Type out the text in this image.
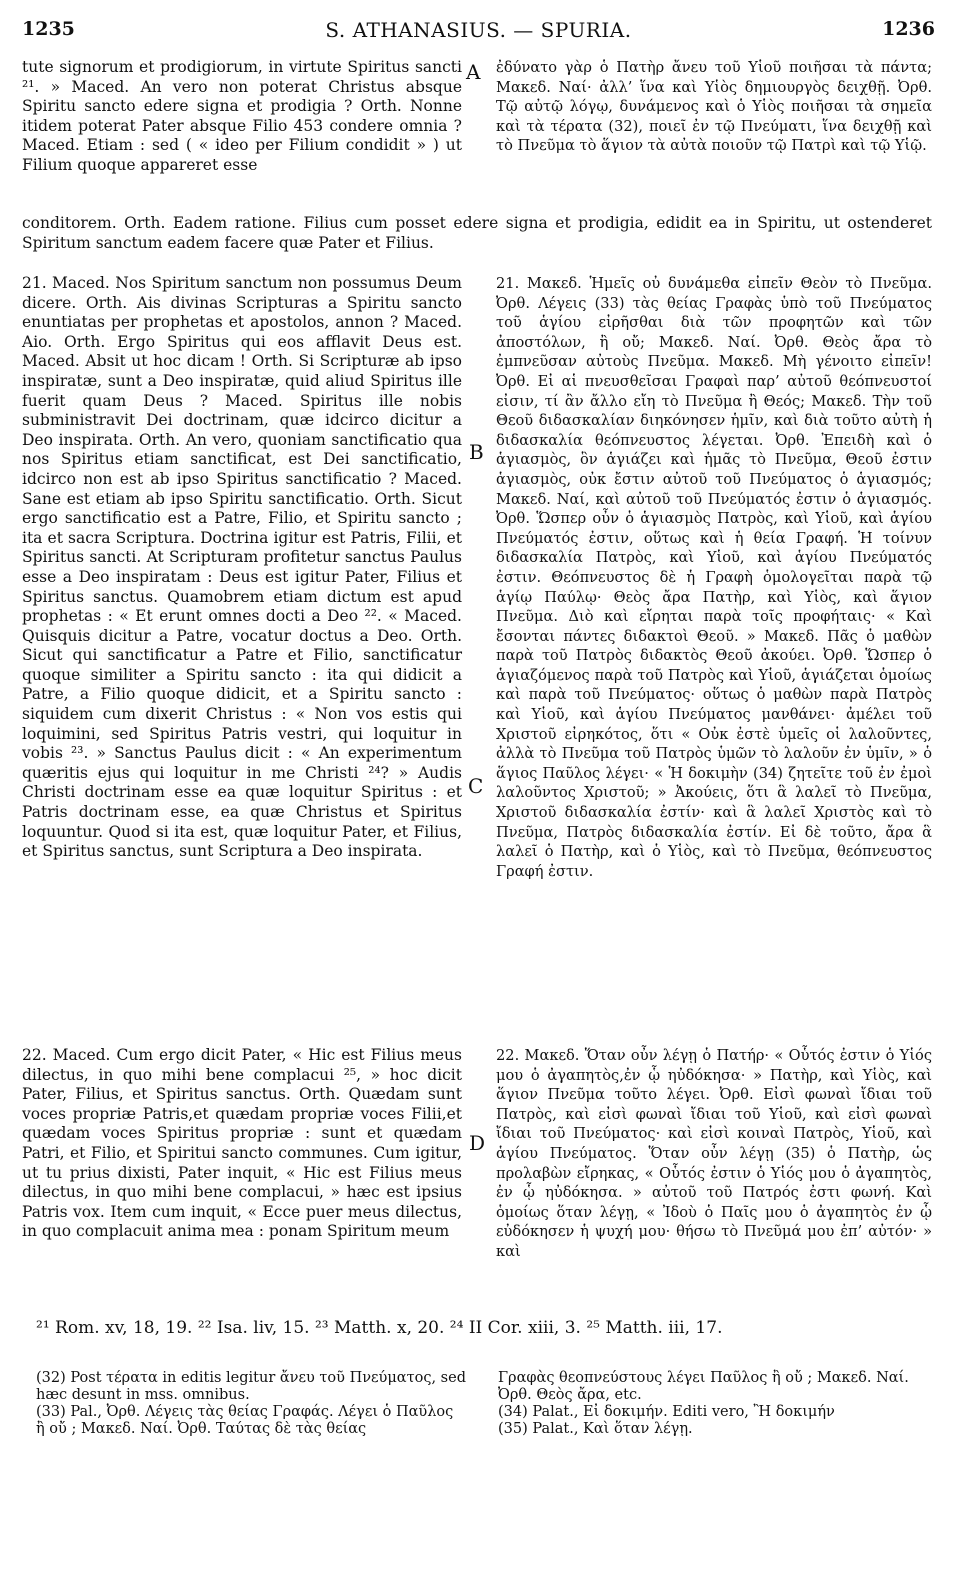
1235	S. ATHANASIUS. — SPURIA.	1236
A
B
C
D

tute signorum et prodigiorum, in virtute Spiritus sancti ²¹. » Maced. An vero non poterat Christus absque Spiritu sancto edere signa et prodigia ? Orth. Nonne itidem poterat Pater absque Filio 453 condere omnia ? Maced. Etiam : sed ( « ideo per Filium condidit » ) ut Filium quoque appareret esse

ἐδύνατο γὰρ ὁ Πατὴρ ἄνευ τοῦ Υἱοῦ ποιῆσαι τὰ πάντα; Μακεδ. Ναί· ἀλλ’ ἵνα καὶ Υἱὸς δημιουργὸς δειχθῇ. Ὀρθ. Τῷ αὐτῷ λόγῳ, δυνάμενος καὶ ὁ Υἱὸς ποιῆσαι τὰ σημεῖα καὶ τὰ τέρατα (32), ποιεῖ ἐν τῷ Πνεύματι, ἵνα δειχθῇ καὶ τὸ Πνεῦμα τὸ ἅγιον τὰ αὐτὰ ποιοῦν τῷ Πατρὶ καὶ τῷ Υἱῷ.

conditorem. Orth. Eadem ratione. Filius cum posset edere signa et prodigia, edidit ea in Spiritu, ut ostenderet Spiritum sanctum eadem facere quæ Pater et Filius.

21. Maced. Nos Spiritum sanctum non possumus Deum dicere. Orth. Ais divinas Scripturas a Spiritu sancto enuntiatas per prophetas et apostolos, annon ? Maced. Aio. Orth. Ergo Spiritus qui eos afflavit Deus est. Maced. Absit ut hoc dicam ! Orth. Si Scripturæ ab ipso inspiratæ, sunt a Deo inspiratæ, quid aliud Spiritus ille fuerit quam Deus ? Maced. Spiritus ille nobis subministravit Dei doctrinam, quæ idcirco dicitur a Deo inspirata. Orth. An vero, quoniam sanctificatio qua nos Spiritus etiam sanctificat, est Dei sanctificatio, idcirco non est ab ipso Spiritus sanctificatio ? Maced. Sane est etiam ab ipso Spiritu sanctificatio. Orth. Sicut ergo sanctificatio est a Patre, Filio, et Spiritu sancto ; ita et sacra Scriptura. Doctrina igitur est Patris, Filii, et Spiritus sancti. At Scripturam profitetur sanctus Paulus esse a Deo inspiratam : Deus est igitur Pater, Filius et Spiritus sanctus. Quamobrem etiam dictum est apud prophetas : « Et erunt omnes docti a Deo ²². « Maced. Quisquis dicitur a Patre, vocatur doctus a Deo. Orth. Sicut qui sanctificatur a Patre et Filio, sanctificatur quoque similiter a Spiritu sancto : ita qui didicit a Patre, a Filio quoque didicit, et a Spiritu sancto : siquidem cum dixerit Christus : « Non vos estis qui loquimini, sed Spiritus Patris vestri, qui loquitur in vobis ²³. » Sanctus Paulus dicit : « An experimentum quæritis ejus qui loquitur in me Christi ²⁴? » Audis Christi doctrinam esse ea quæ loquitur Spiritus : et Patris doctrinam esse, ea quæ Christus et Spiritus loquuntur. Quod si ita est, quæ loquitur Pater, et Filius, et Spiritus sanctus, sunt Scriptura a Deo inspirata.

21. Μακεδ. Ἡμεῖς οὐ δυνάμεθα εἰπεῖν Θεὸν τὸ Πνεῦμα. Ὀρθ. Λέγεις (33) τὰς θείας Γραφὰς ὑπὸ τοῦ Πνεύματος τοῦ ἁγίου εἰρῆσθαι διὰ τῶν προφητῶν καὶ τῶν ἀποστόλων, ἢ οὔ; Μακεδ. Ναί. Ὀρθ. Θεὸς ἄρα τὸ ἐμπνεῦσαν αὐτοὺς Πνεῦμα. Μακεδ. Μὴ γένοιτο εἰπεῖν! Ὀρθ. Εἰ αἱ πνευσθεῖσαι Γραφαὶ παρ’ αὐτοῦ θεόπνευστοί εἰσιν, τί ἂν ἄλλο εἴη τὸ Πνεῦμα ἢ Θεός; Μακεδ. Τὴν τοῦ Θεοῦ διδασκαλίαν διηκόνησεν ἡμῖν, καὶ διὰ τοῦτο αὐτὴ ἡ διδασκαλία θεόπνευστος λέγεται. Ὀρθ. Ἐπειδὴ καὶ ὁ ἁγιασμὸς, ὃν ἁγιάζει καὶ ἡμᾶς τὸ Πνεῦμα, Θεοῦ ἐστιν ἁγιασμὸς, οὐκ ἔστιν αὐτοῦ τοῦ Πνεύματος ὁ ἁγιασμός; Μακεδ. Ναί, καὶ αὐτοῦ τοῦ Πνεύματός ἐστιν ὁ ἁγιασμός. Ὀρθ. Ὥσπερ οὖν ὁ ἁγιασμὸς Πατρὸς, καὶ Υἱοῦ, καὶ ἁγίου Πνεύματός ἐστιν, οὕτως καὶ ἡ θεία Γραφή. Ἡ τοίνυν διδασκαλία Πατρὸς, καὶ Υἱοῦ, καὶ ἁγίου Πνεύματός ἐστιν. Θεόπνευστος δὲ ἡ Γραφὴ ὁμολογεῖται παρὰ τῷ ἁγίῳ Παύλῳ· Θεὸς ἄρα Πατὴρ, καὶ Υἱὸς, καὶ ἅγιον Πνεῦμα. Διὸ καὶ εἴρηται παρὰ τοῖς προφήταις· « Καὶ ἔσονται πάντες διδακτοὶ Θεοῦ. » Μακεδ. Πᾶς ὁ μαθὼν παρὰ τοῦ Πατρὸς διδακτὸς Θεοῦ ἀκούει. Ὀρθ. Ὥσπερ ὁ ἁγιαζόμενος παρὰ τοῦ Πατρὸς καὶ Υἱοῦ, ἁγιάζεται ὁμοίως καὶ παρὰ τοῦ Πνεύματος· οὕτως ὁ μαθὼν παρὰ Πατρὸς καὶ Υἱοῦ, καὶ ἁγίου Πνεύματος μανθάνει· ἀμέλει τοῦ Χριστοῦ εἰρηκότος, ὅτι « Οὐκ ἐστὲ ὑμεῖς οἱ λαλοῦντες, ἀλλὰ τὸ Πνεῦμα τοῦ Πατρὸς ὑμῶν τὸ λαλοῦν ἐν ὑμῖν, » ὁ ἅγιος Παῦλος λέγει· « Ἡ δοκιμὴν (34) ζητεῖτε τοῦ ἐν ἐμοὶ λαλοῦντος Χριστοῦ; » Ἀκούεις, ὅτι ἃ λαλεῖ τὸ Πνεῦμα, Χριστοῦ διδασκαλία ἐστίν· καὶ ἃ λαλεῖ Χριστὸς καὶ τὸ Πνεῦμα, Πατρὸς διδασκαλία ἐστίν. Εἰ δὲ τοῦτο, ἄρα ἃ λαλεῖ ὁ Πατὴρ, καὶ ὁ Υἱὸς, καὶ τὸ Πνεῦμα, θεόπνευστος Γραφή ἐστιν.

22. Maced. Cum ergo dicit Pater, « Hic est Filius meus dilectus, in quo mihi bene complacui ²⁵, » hoc dicit Pater, Filius, et Spiritus sanctus. Orth. Quædam sunt voces propriæ Patris,et quædam propriæ voces Filii,et quædam voces Spiritus propriæ : sunt et quædam Patri, et Filio, et Spiritui sancto communes. Cum igitur, ut tu prius dixisti, Pater inquit, « Hic est Filius meus dilectus, in quo mihi bene complacui, » hæc est ipsius Patris vox. Item cum inquit, « Ecce puer meus dilectus, in quo complacuit anima mea : ponam Spiritum meum

22. Μακεδ. Ὅταν οὖν λέγῃ ὁ Πατήρ· « Οὗτός ἐστιν ὁ Υἱός μου ὁ ἀγαπητὸς,ἐν ᾧ ηὐδόκησα· » Πατὴρ, καὶ Υἱὸς, καὶ ἅγιον Πνεῦμα τοῦτο λέγει. Ὀρθ. Εἰσὶ φωναὶ ἴδιαι τοῦ Πατρὸς, καὶ εἰσὶ φωναὶ ἴδιαι τοῦ Υἱοῦ, καὶ εἰσὶ φωναὶ ἴδιαι τοῦ Πνεύματος· καὶ εἰσὶ κοιναὶ Πατρὸς, Υἱοῦ, καὶ ἁγίου Πνεύματος. Ὅταν οὖν λέγῃ (35) ὁ Πατὴρ, ὡς προλαβὼν εἴρηκας, « Οὗτός ἐστιν ὁ Υἱός μου ὁ ἀγαπητὸς, ἐν ᾧ ηὐδόκησα. » αὐτοῦ τοῦ Πατρός ἐστι φωνή. Καὶ ὁμοίως ὅταν λέγῃ, « Ἰδοὺ ὁ Παῖς μου ὁ ἀγαπητὸς ἐν ᾧ εὐδόκησεν ἡ ψυχή μου· θήσω τὸ Πνεῦμά μου ἐπ’ αὐτόν· » καὶ

²¹ Rom. xv, 18, 19. ²² Isa. liv, 15. ²³ Matth. x, 20. ²⁴ II Cor. xiii, 3. ²⁵ Matth. iii, 17.

(32) Post τέρατα in editis legitur ἄνευ τοῦ Πνεύματος, sed hæc desunt in mss. omnibus.

(33) Pal., Ὀρθ. Λέγεις τὰς θείας Γραφάς. Λέγει ὁ Παῦλος ἢ οὔ ; Μακεδ. Ναί. Ὀρθ. Ταύτας δὲ τὰς θείας

Γραφὰς θεοπνεύστους λέγει Παῦλος ἢ οὔ ; Μακεδ. Ναί. Ὀρθ. Θεὸς ἄρα, etc.

(34) Palat., Εἰ δοκιμήν. Editi vero, Ἢ δοκιμήν

(35) Palat., Καὶ ὅταν λέγῃ.
